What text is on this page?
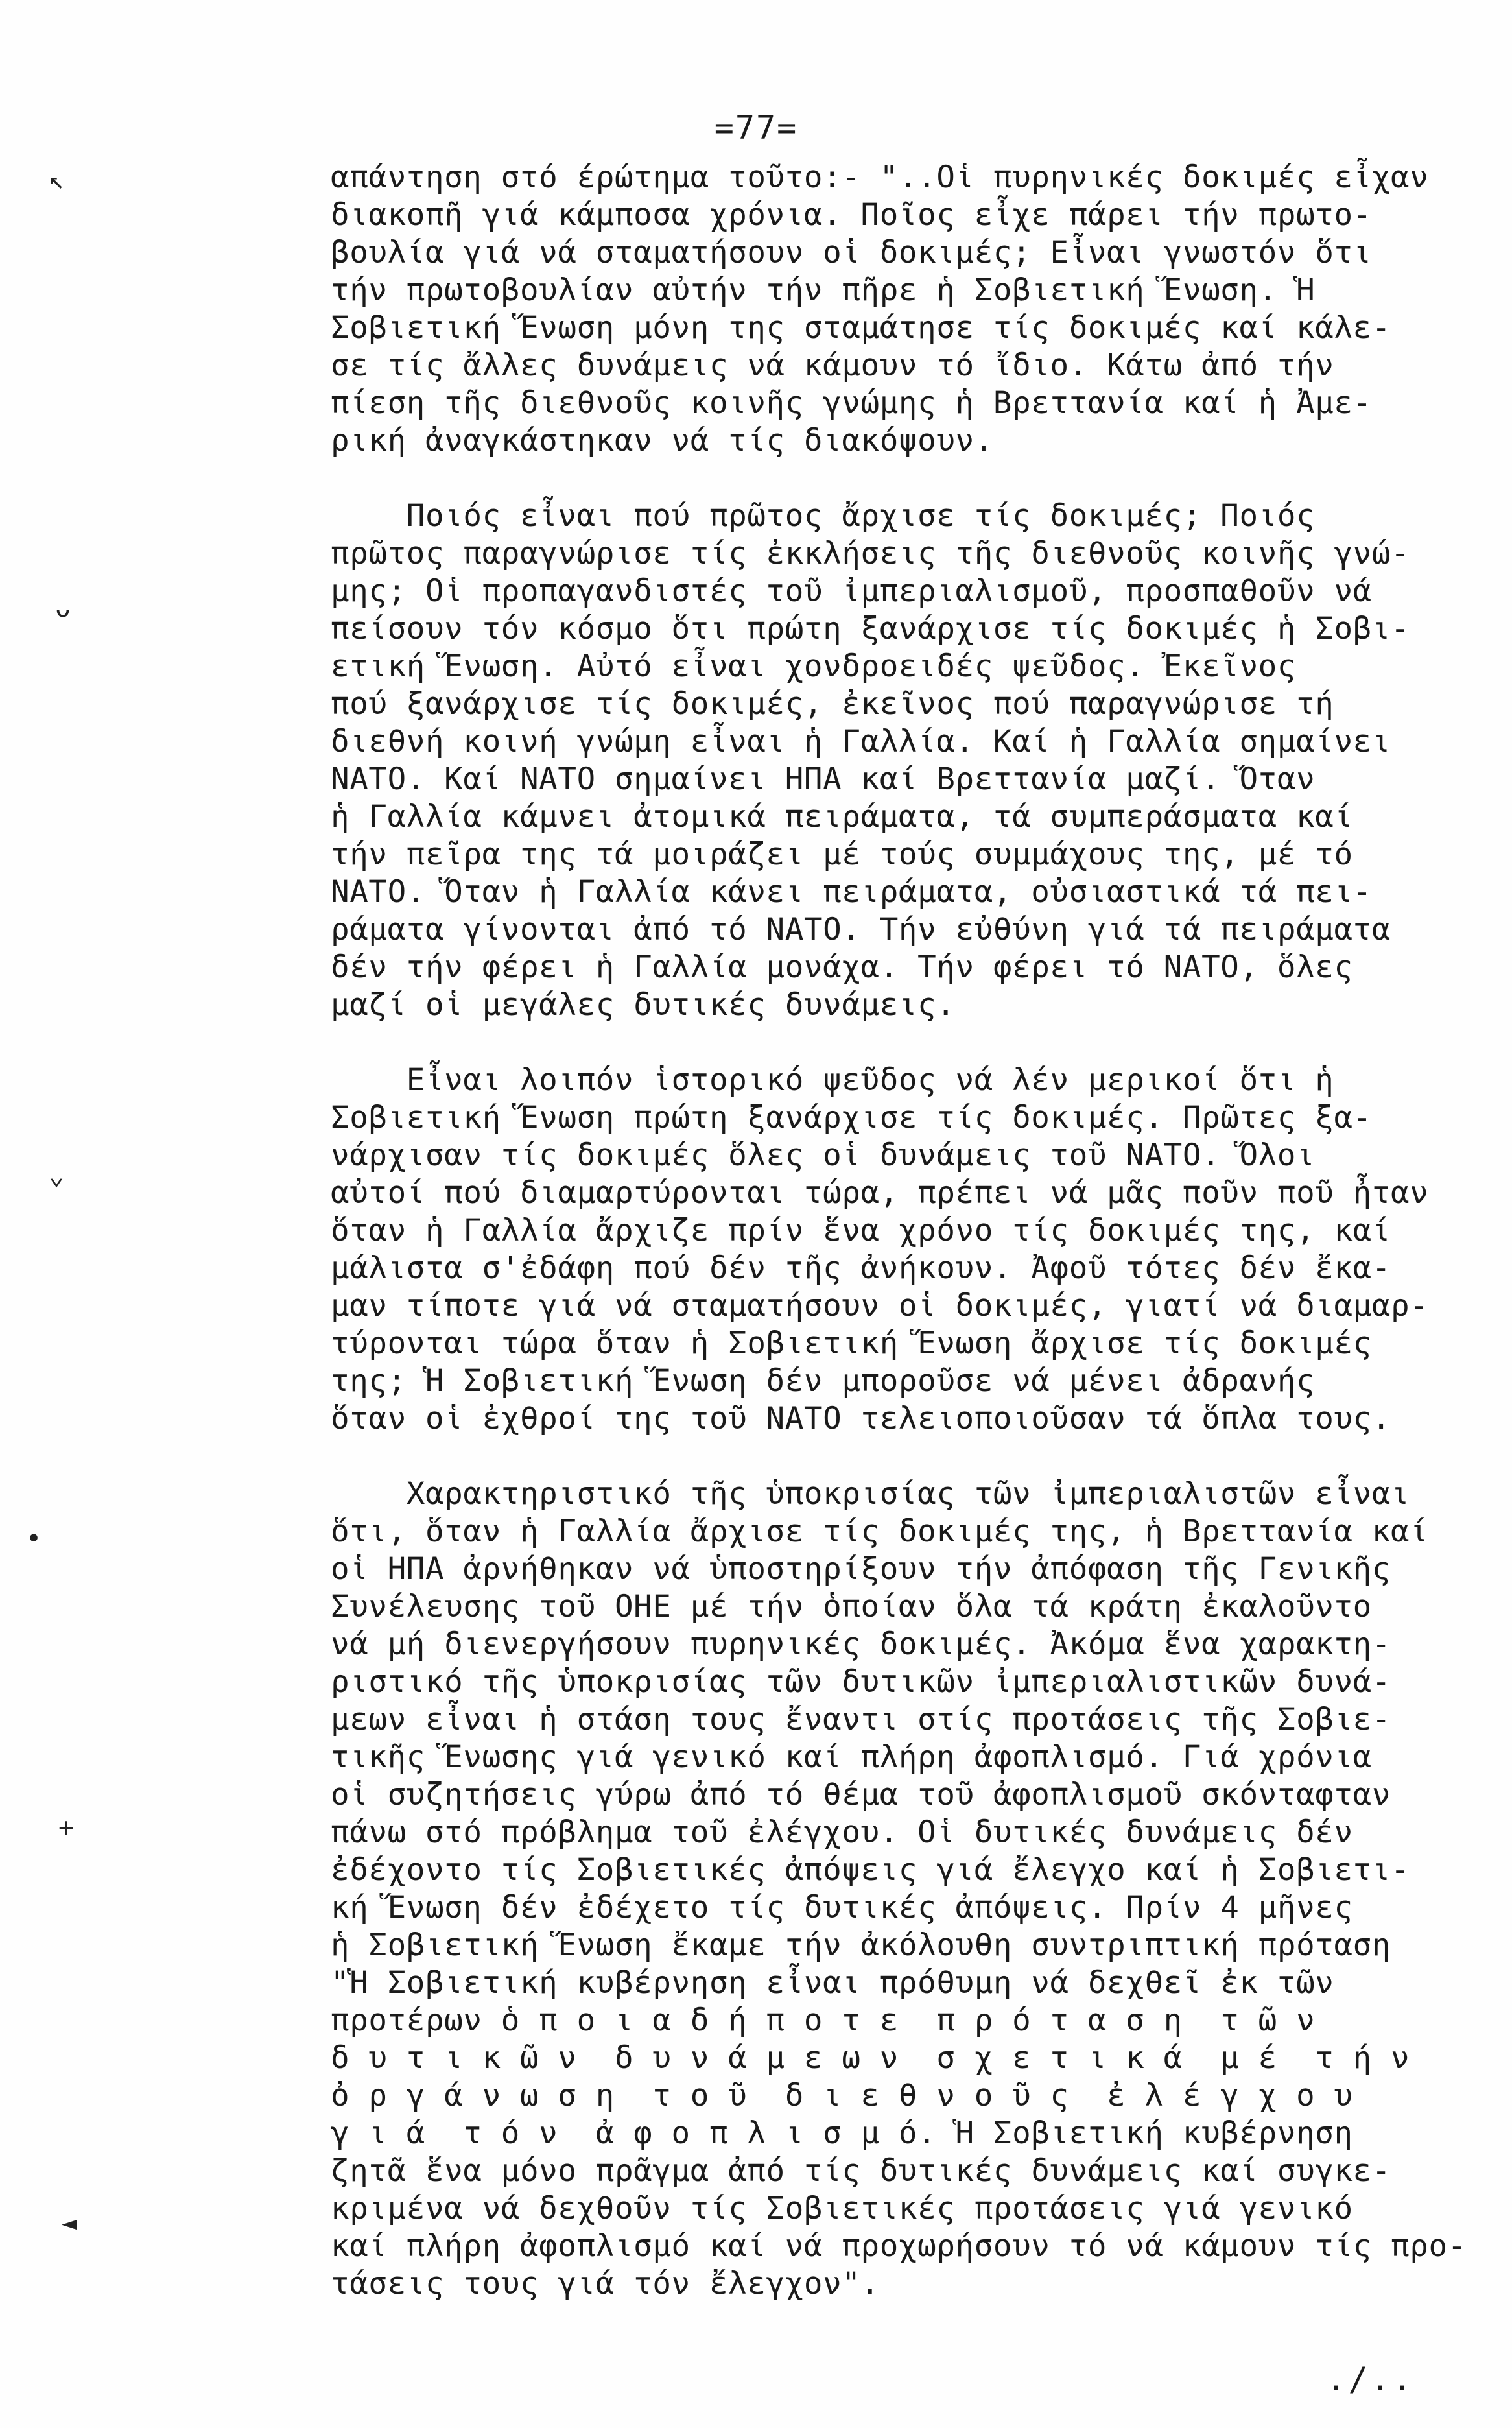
=77=
απάντηση στό έρώτημα τοῦτο:- "..Οἱ πυρηνικές δοκιμές εἶχαν
διακοπῆ γιά κάμποσα χρόνια. Ποῖος εἶχε πάρει τήν πρωτο-
βουλία γιά νά σταματήσουν οἱ δοκιμές; Εἶναι γνωστόν ὅτι
τήν πρωτοβουλίαν αὐτήν τήν πῆρε ἡ Σοβιετική Ἕνωση. Ἡ
Σοβιετική Ἕνωση μόνη της σταμάτησε τίς δοκιμές καί κάλε-
σε τίς ἄλλες δυνάμεις νά κάμουν τό ἴδιο. Κάτω ἀπό τήν
πίεση τῆς διεθνοῦς κοινῆς γνώμης ἡ Βρεττανία καί ἡ Ἀμε-
ρική ἀναγκάστηκαν νά τίς διακόψουν.
Ποιός εἶναι πού πρῶτος ἄρχισε τίς δοκιμές; Ποιός
πρῶτος παραγνώρισε τίς ἐκκλήσεις τῆς διεθνοῦς κοινῆς γνώ-
μης; Οἱ προπαγανδιστές τοῦ ἰμπεριαλισμοῦ, προσπαθοῦν νά
πείσουν τόν κόσμο ὅτι πρώτη ξανάρχισε τίς δοκιμές ἡ Σοβι-
ετική Ἕνωση. Αὐτό εἶναι χονδροειδές ψεῦδος. Ἐκεῖνος
πού ξανάρχισε τίς δοκιμές, ἐκεῖνος πού παραγνώρισε τή
διεθνή κοινή γνώμη εἶναι ἡ Γαλλία. Καί ἡ Γαλλία σημαίνει
ΝΑΤΟ. Καί ΝΑΤΟ σημαίνει ΗΠΑ καί Βρεττανία μαζί. Ὅταν
ἡ Γαλλία κάμνει ἀτομικά πειράματα, τά συμπεράσματα καί
τήν πεῖρα της τά μοιράζει μέ τούς συμμάχους της, μέ τό
ΝΑΤΟ. Ὅταν ἡ Γαλλία κάνει πειράματα, οὐσιαστικά τά πει-
ράματα γίνονται ἀπό τό ΝΑΤΟ. Τήν εὐθύνη γιά τά πειράματα
δέν τήν φέρει ἡ Γαλλία μονάχα. Τήν φέρει τό ΝΑΤΟ, ὅλες
μαζί οἱ μεγάλες δυτικές δυνάμεις.
Εἶναι λοιπόν ἱστορικό ψεῦδος νά λέν μερικοί ὅτι ἡ
Σοβιετική Ἕνωση πρώτη ξανάρχισε τίς δοκιμές. Πρῶτες ξα-
νάρχισαν τίς δοκιμές ὅλες οἱ δυνάμεις τοῦ ΝΑΤΟ. Ὅλοι
αὐτοί πού διαμαρτύρονται τώρα, πρέπει νά μᾶς ποῦν ποῦ ἦταν
ὅταν ἡ Γαλλία ἄρχιζε πρίν ἕνα χρόνο τίς δοκιμές της, καί
μάλιστα σ'ἐδάφη πού δέν τῆς ἀνήκουν. Ἀφοῦ τότες δέν ἔκα-
μαν τίποτε γιά νά σταματήσουν οἱ δοκιμές, γιατί νά διαμαρ-
τύρονται τώρα ὅταν ἡ Σοβιετική Ἕνωση ἄρχισε τίς δοκιμές
της; Ἡ Σοβιετική Ἕνωση δέν μποροῦσε νά μένει ἀδρανής
ὅταν οἱ ἐχθροί της τοῦ ΝΑΤΟ τελειοποιοῦσαν τά ὅπλα τους.
Χαρακτηριστικό τῆς ὑποκρισίας τῶν ἰμπεριαλιστῶν εἶναι
ὅτι, ὅταν ἡ Γαλλία ἄρχισε τίς δοκιμές της, ἡ Βρεττανία καί
οἱ ΗΠΑ ἀρνήθηκαν νά ὑποστηρίξουν τήν ἀπόφαση τῆς Γενικῆς
Συνέλευσης τοῦ ΟΗΕ μέ τήν ὁποίαν ὅλα τά κράτη ἐκαλοῦντο
νά μή διενεργήσουν πυρηνικές δοκιμές. Ἀκόμα ἕνα χαρακτη-
ριστικό τῆς ὑποκρισίας τῶν δυτικῶν ἰμπεριαλιστικῶν δυνά-
μεων εἶναι ἡ στάση τους ἔναντι στίς προτάσεις τῆς Σοβιε-
τικῆς Ἕνωσης γιά γενικό καί πλήρη ἀφοπλισμό. Γιά χρόνια
οἱ συζητήσεις γύρω ἀπό τό θέμα τοῦ ἀφοπλισμοῦ σκόνταφταν
πάνω στό πρόβλημα τοῦ ἐλέγχου. Οἱ δυτικές δυνάμεις δέν
ἐδέχοντο τίς Σοβιετικές ἀπόψεις γιά ἔλεγχο καί ἡ Σοβιετι-
κή Ἕνωση δέν ἐδέχετο τίς δυτικές ἀπόψεις. Πρίν 4 μῆνες
ἡ Σοβιετική Ἕνωση ἔκαμε τήν ἀκόλουθη συντριπτική πρόταση
"Ἡ Σοβιετική κυβέρνηση εἶναι πρόθυμη νά δεχθεῖ ἐκ τῶν
προτέρων ὁ π ο ι α δ ή π ο τ ε  π ρ ό τ α σ η  τ ῶ ν
δ υ τ ι κ ῶ ν  δ υ ν ά μ ε ω ν  σ χ ε τ ι κ ά  μ έ  τ ή ν
ὀ ρ γ ά ν ω σ η  τ ο ῦ  δ ι ε θ ν ο ῦ ς  ἐ λ έ γ χ ο υ
γ ι ά  τ ό ν  ἀ φ ο π λ ι σ μ ό. Ἡ Σοβιετική κυβέρνηση
ζητᾶ ἕνα μόνο πρᾶγμα ἀπό τίς δυτικές δυνάμεις καί συγκε-
κριμένα νά δεχθοῦν τίς Σοβιετικές προτάσεις γιά γενικό
καί πλήρη ἀφοπλισμό καί νά προχωρήσουν τό νά κάμουν τίς προ-
τάσεις τους γιά τόν ἔλεγχον".
./..
↖
ᴗ
⌄
•
+
◄
